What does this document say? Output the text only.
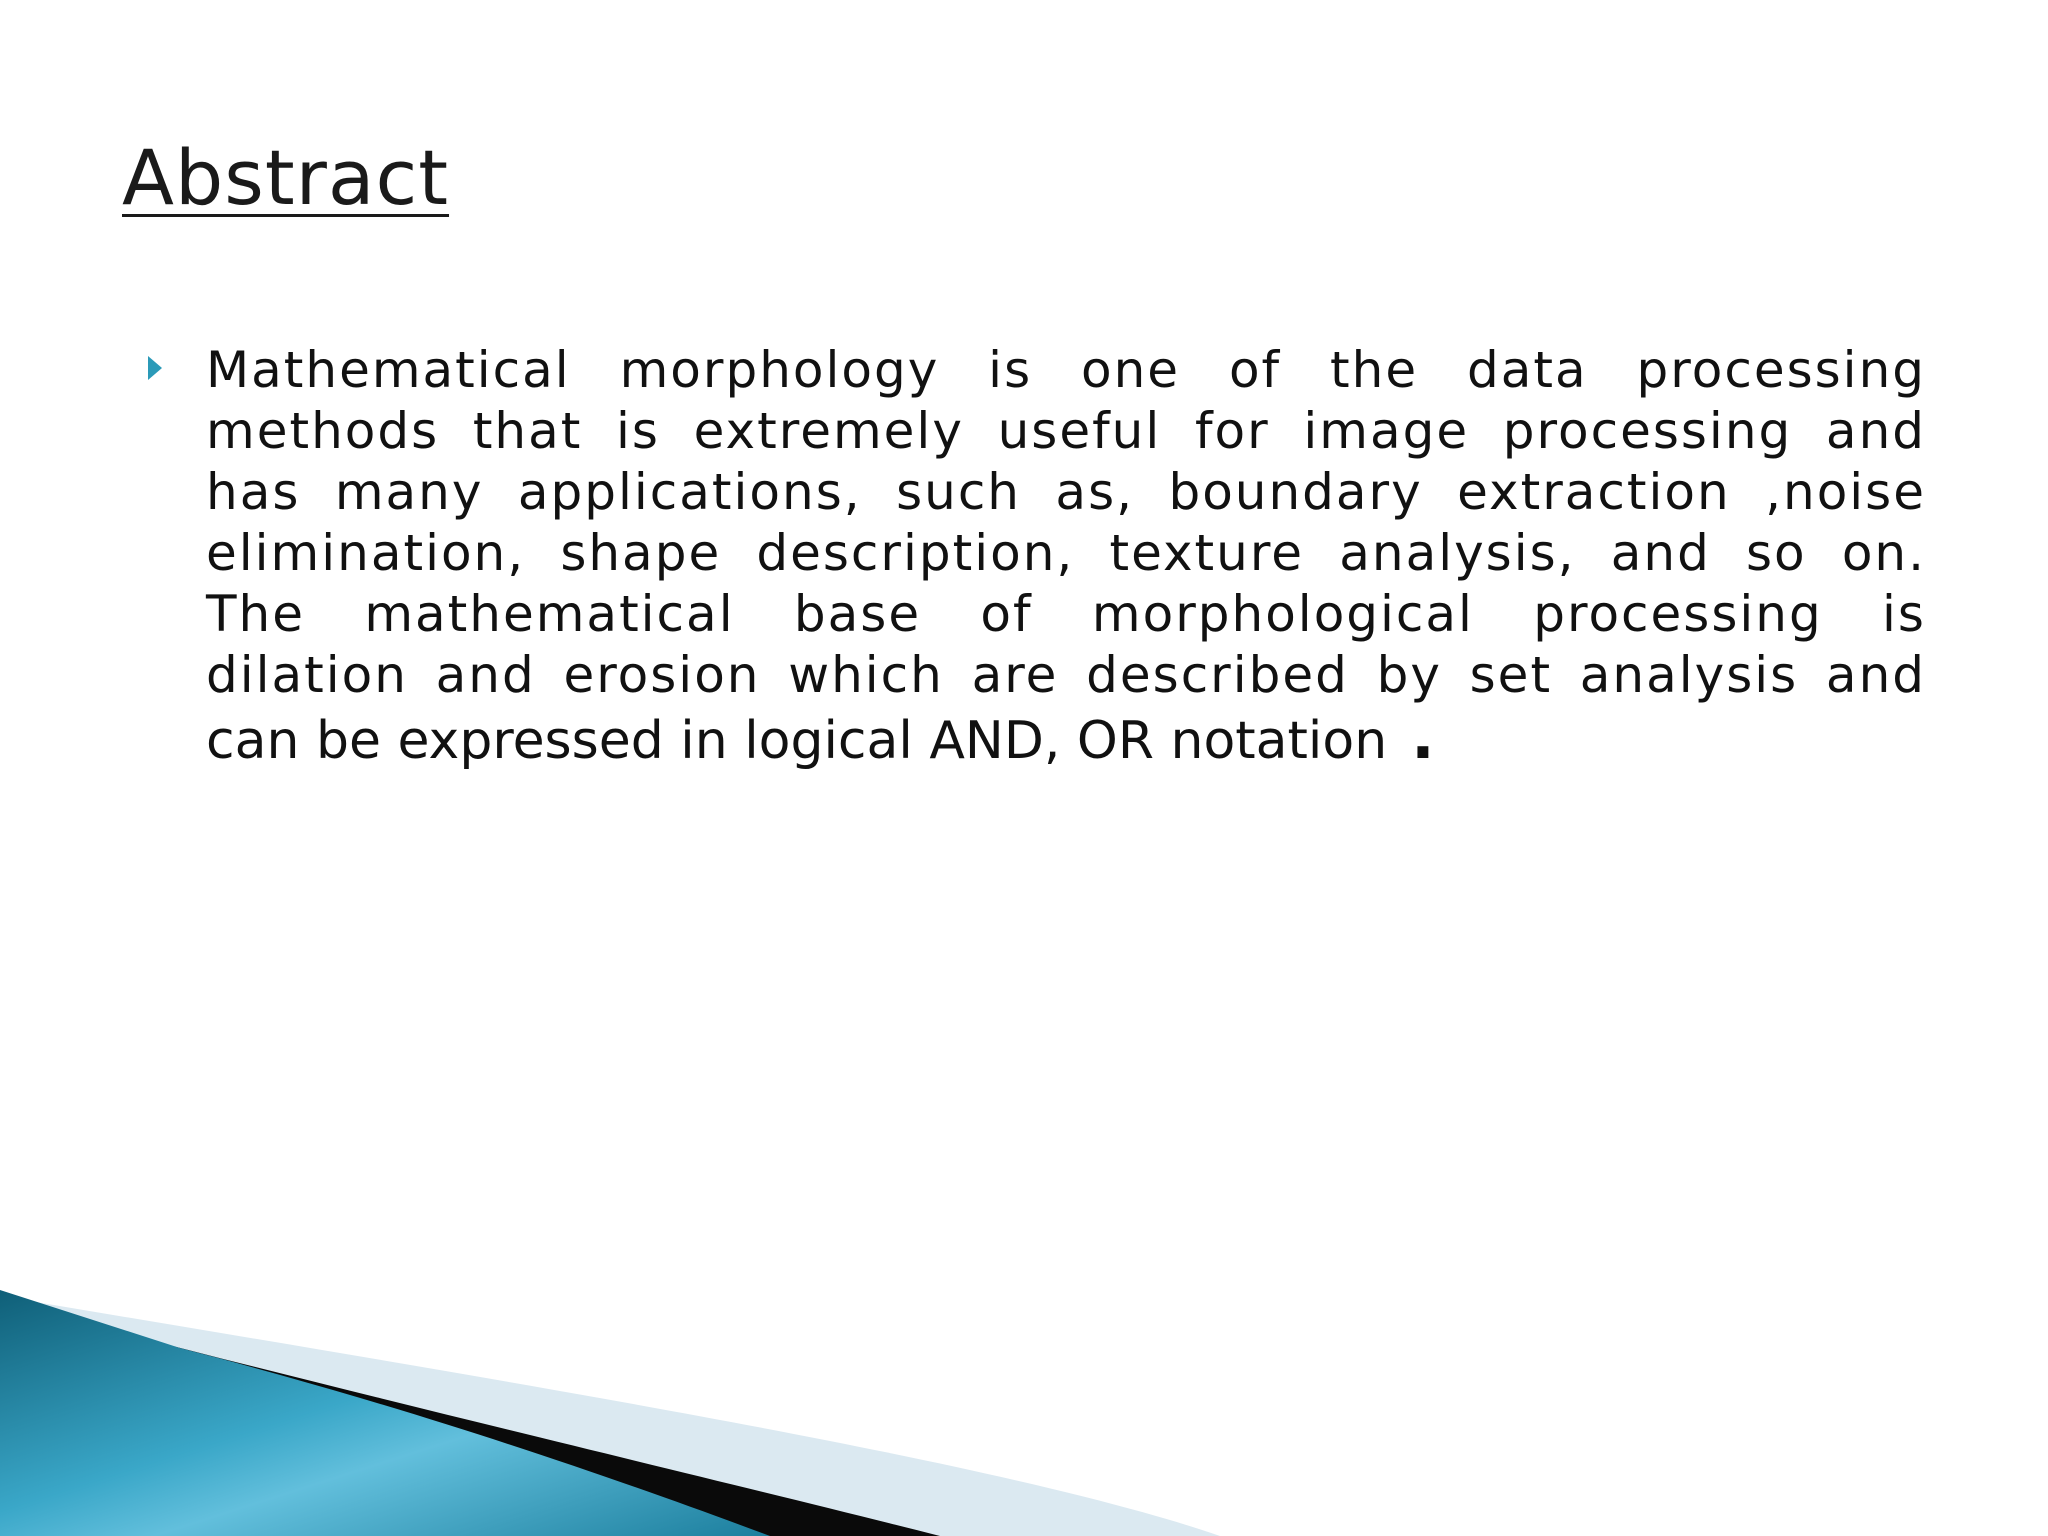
Abstract

Mathematical morphology is one of the data processing methods that is extremely useful for image processing and has many applications, such as, boundary extraction ,noise elimination, shape description, texture analysis, and so on. The mathematical base of morphological processing is dilation and erosion which are described by set analysis and can be expressed in logical AND, OR notation .
